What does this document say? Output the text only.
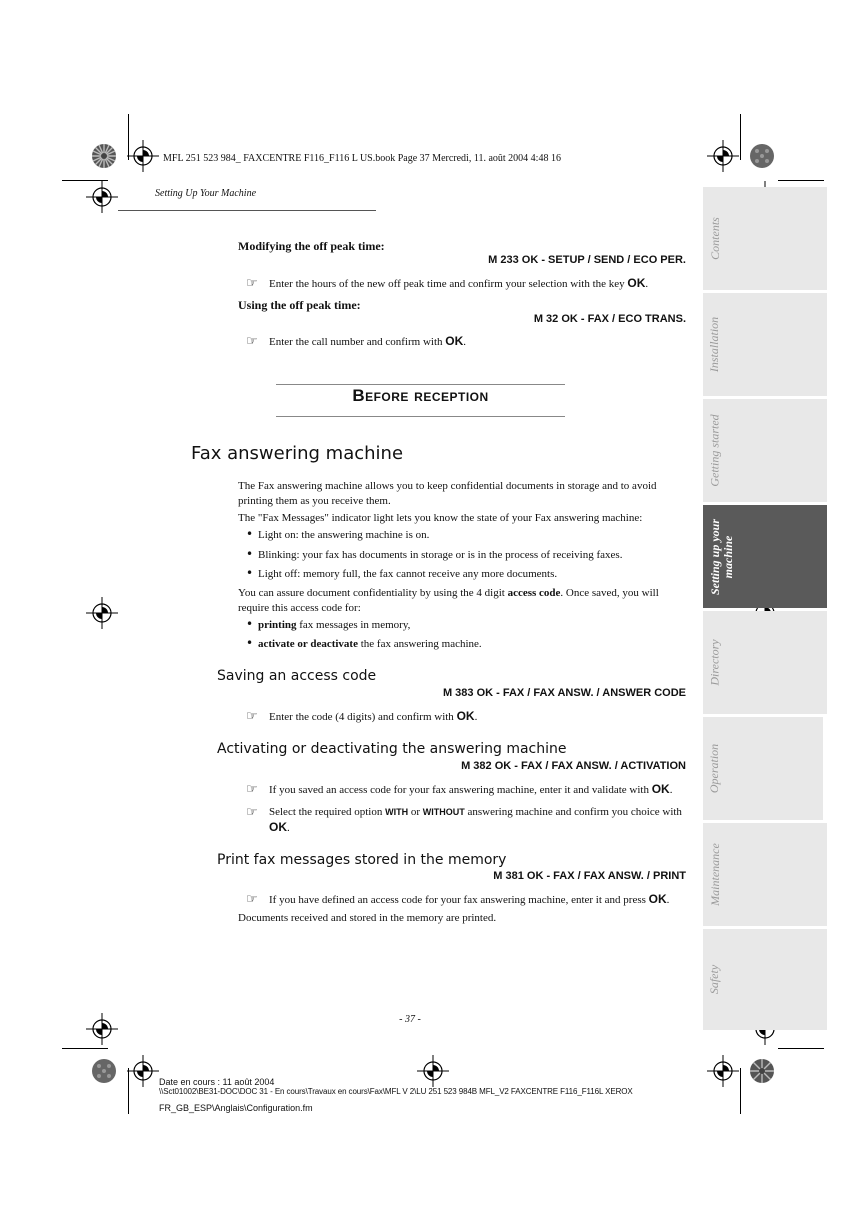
MFL 251 523 984_ FAXCENTRE F116_F116 L US.book Page 37 Mercredi, 11. août 2004 4:48 16
Setting Up Your Machine
Contents
Installation
Getting started
Setting up your machine
Directory
Operation
Maintenance
Safety
Modifying the off peak time:
M 233 OK - SETUP / SEND / ECO PER.
☞ Enter the hours of the new off peak time and confirm your selection with the key OK.
Using the off peak time:
M 32 OK - FAX / ECO TRANS.
☞ Enter the call number and confirm with OK.
Before reception
Fax answering machine
The Fax answering machine allows you to keep confidential documents in storage and to avoid printing them as you receive them.
The "Fax Messages" indicator light lets you know the state of your Fax answering machine:
• Light on: the answering machine is on.
• Blinking: your fax has documents in storage or is in the process of receiving faxes.
• Light off: memory full, the fax cannot receive any more documents.
You can assure document confidentiality by using the 4 digit access code. Once saved, you will require this access code for:
• printing fax messages in memory,
• activate or deactivate the fax answering machine.
Saving an access code
M 383 OK - FAX / FAX ANSW. / ANSWER CODE
☞ Enter the code (4 digits) and confirm with OK.
Activating or deactivating the answering machine
M 382 OK - FAX / FAX ANSW. / ACTIVATION
☞ If you saved an access code for your fax answering machine, enter it and validate with OK.
☞ Select the required option WITH or WITHOUT answering machine and confirm you choice with OK.
Print fax messages stored in the memory
M 381 OK - FAX / FAX ANSW. / PRINT
☞ If you have defined an access code for your fax answering machine, enter it and press OK.
Documents received and stored in the memory are printed.
- 37 -
Date en cours : 11 août 2004
\\Sct01002\BE31-DOC\DOC 31 - En cours\Travaux en cours\Fax\MFL V 2\LU 251 523 984B MFL_V2 FAXCENTRE F116_F116L XEROX
FR_GB_ESP\Anglais\Configuration.fm
